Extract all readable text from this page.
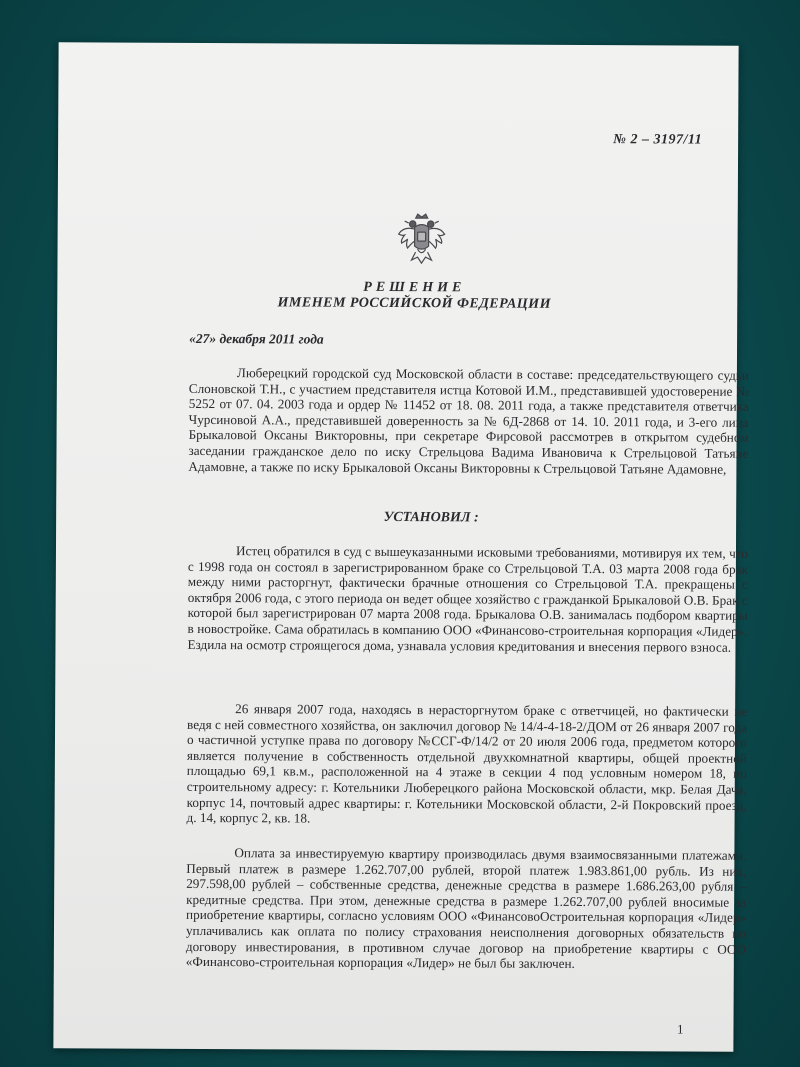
№ 2 – 3197/11
РЕШЕНИЕ
ИМЕНЕМ РОССИЙСКОЙ ФЕДЕРАЦИИ
«27» декабря 2011 года
Люберецкий городской суд Московской области в составе: председательствующего судьи Слоновской Т.Н., с участием представителя истца Котовой И.М., представившей удостоверение № 5252 от 07. 04. 2003 года и ордер № 11452 от 18. 08. 2011 года, а также представителя ответчика Чурсиновой А.А., представившей доверенность за № 6Д-2868 от 14. 10. 2011 года, и 3-его лица Брыкаловой Оксаны Викторовны, при секретаре Фирсовой рассмотрев в открытом судебном заседании гражданское дело по иску Стрельцова Вадима Ивановича к Стрельцовой Татьяне Адамовне, а также по иску Брыкаловой Оксаны Викторовны к Стрельцовой Татьяне Адамовне,
УСТАНОВИЛ :
Истец обратился в суд с вышеуказанными исковыми требованиями, мотивируя их тем, что с 1998 года он состоял в зарегистрированном браке со Стрельцовой Т.А. 03 марта 2008 года брак между ними расторгнут, фактически брачные отношения со Стрельцовой Т.А. прекращены с октября 2006 года, с этого периода он ведет общее хозяйство с гражданкой Брыкаловой О.В. Брак с которой был зарегистрирован 07 марта 2008 года. Брыкалова О.В. занималась подбором квартиры в новостройке. Сама обратилась в компанию ООО «Финансово-строительная корпорация «Лидер». Ездила на осмотр строящегося дома, узнавала условия кредитования и внесения первого взноса.
26 января 2007 года, находясь в нерасторгнутом браке с ответчицей, но фактически не ведя с ней совместного хозяйства, он заключил договор № 14/4-4-18-2/ДОМ от 26 января 2007 года о частичной уступке права по договору №ССГ-Ф/14/2 от 20 июля 2006 года, предметом которого является получение в собственность отдельной двухкомнатной квартиры, общей проектной площадью 69,1 кв.м., расположенной на 4 этаже в секции 4 под условным номером 18, по строительному адресу: г. Котельники Люберецкого района Московской области, мкр. Белая Дача, корпус 14, почтовый адрес квартиры: г. Котельники Московской области, 2-й Покровский проезд, д. 14, корпус 2, кв. 18.
Оплата за инвестируемую квартиру производилась двумя взаимосвязанными платежами. Первый платеж в размере 1.262.707,00 рублей, второй платеж 1.983.861,00 рубль. Из них, 297.598,00 рублей – собственные средства, денежные средства в размере 1.686.263,00 рубля – кредитные средства. При этом, денежные средства в размере 1.262.707,00 рублей вносимые за приобретение квартиры, согласно условиям ООО «ФинансовоОстроительная корпорация «Лидер» уплачивались как оплата по полису страхования неисполнения договорных обязательств по договору инвестирования, в противном случае договор на приобретение квартиры с ООО «Финансово-строительная корпорация «Лидер» не был бы заключен.
1
